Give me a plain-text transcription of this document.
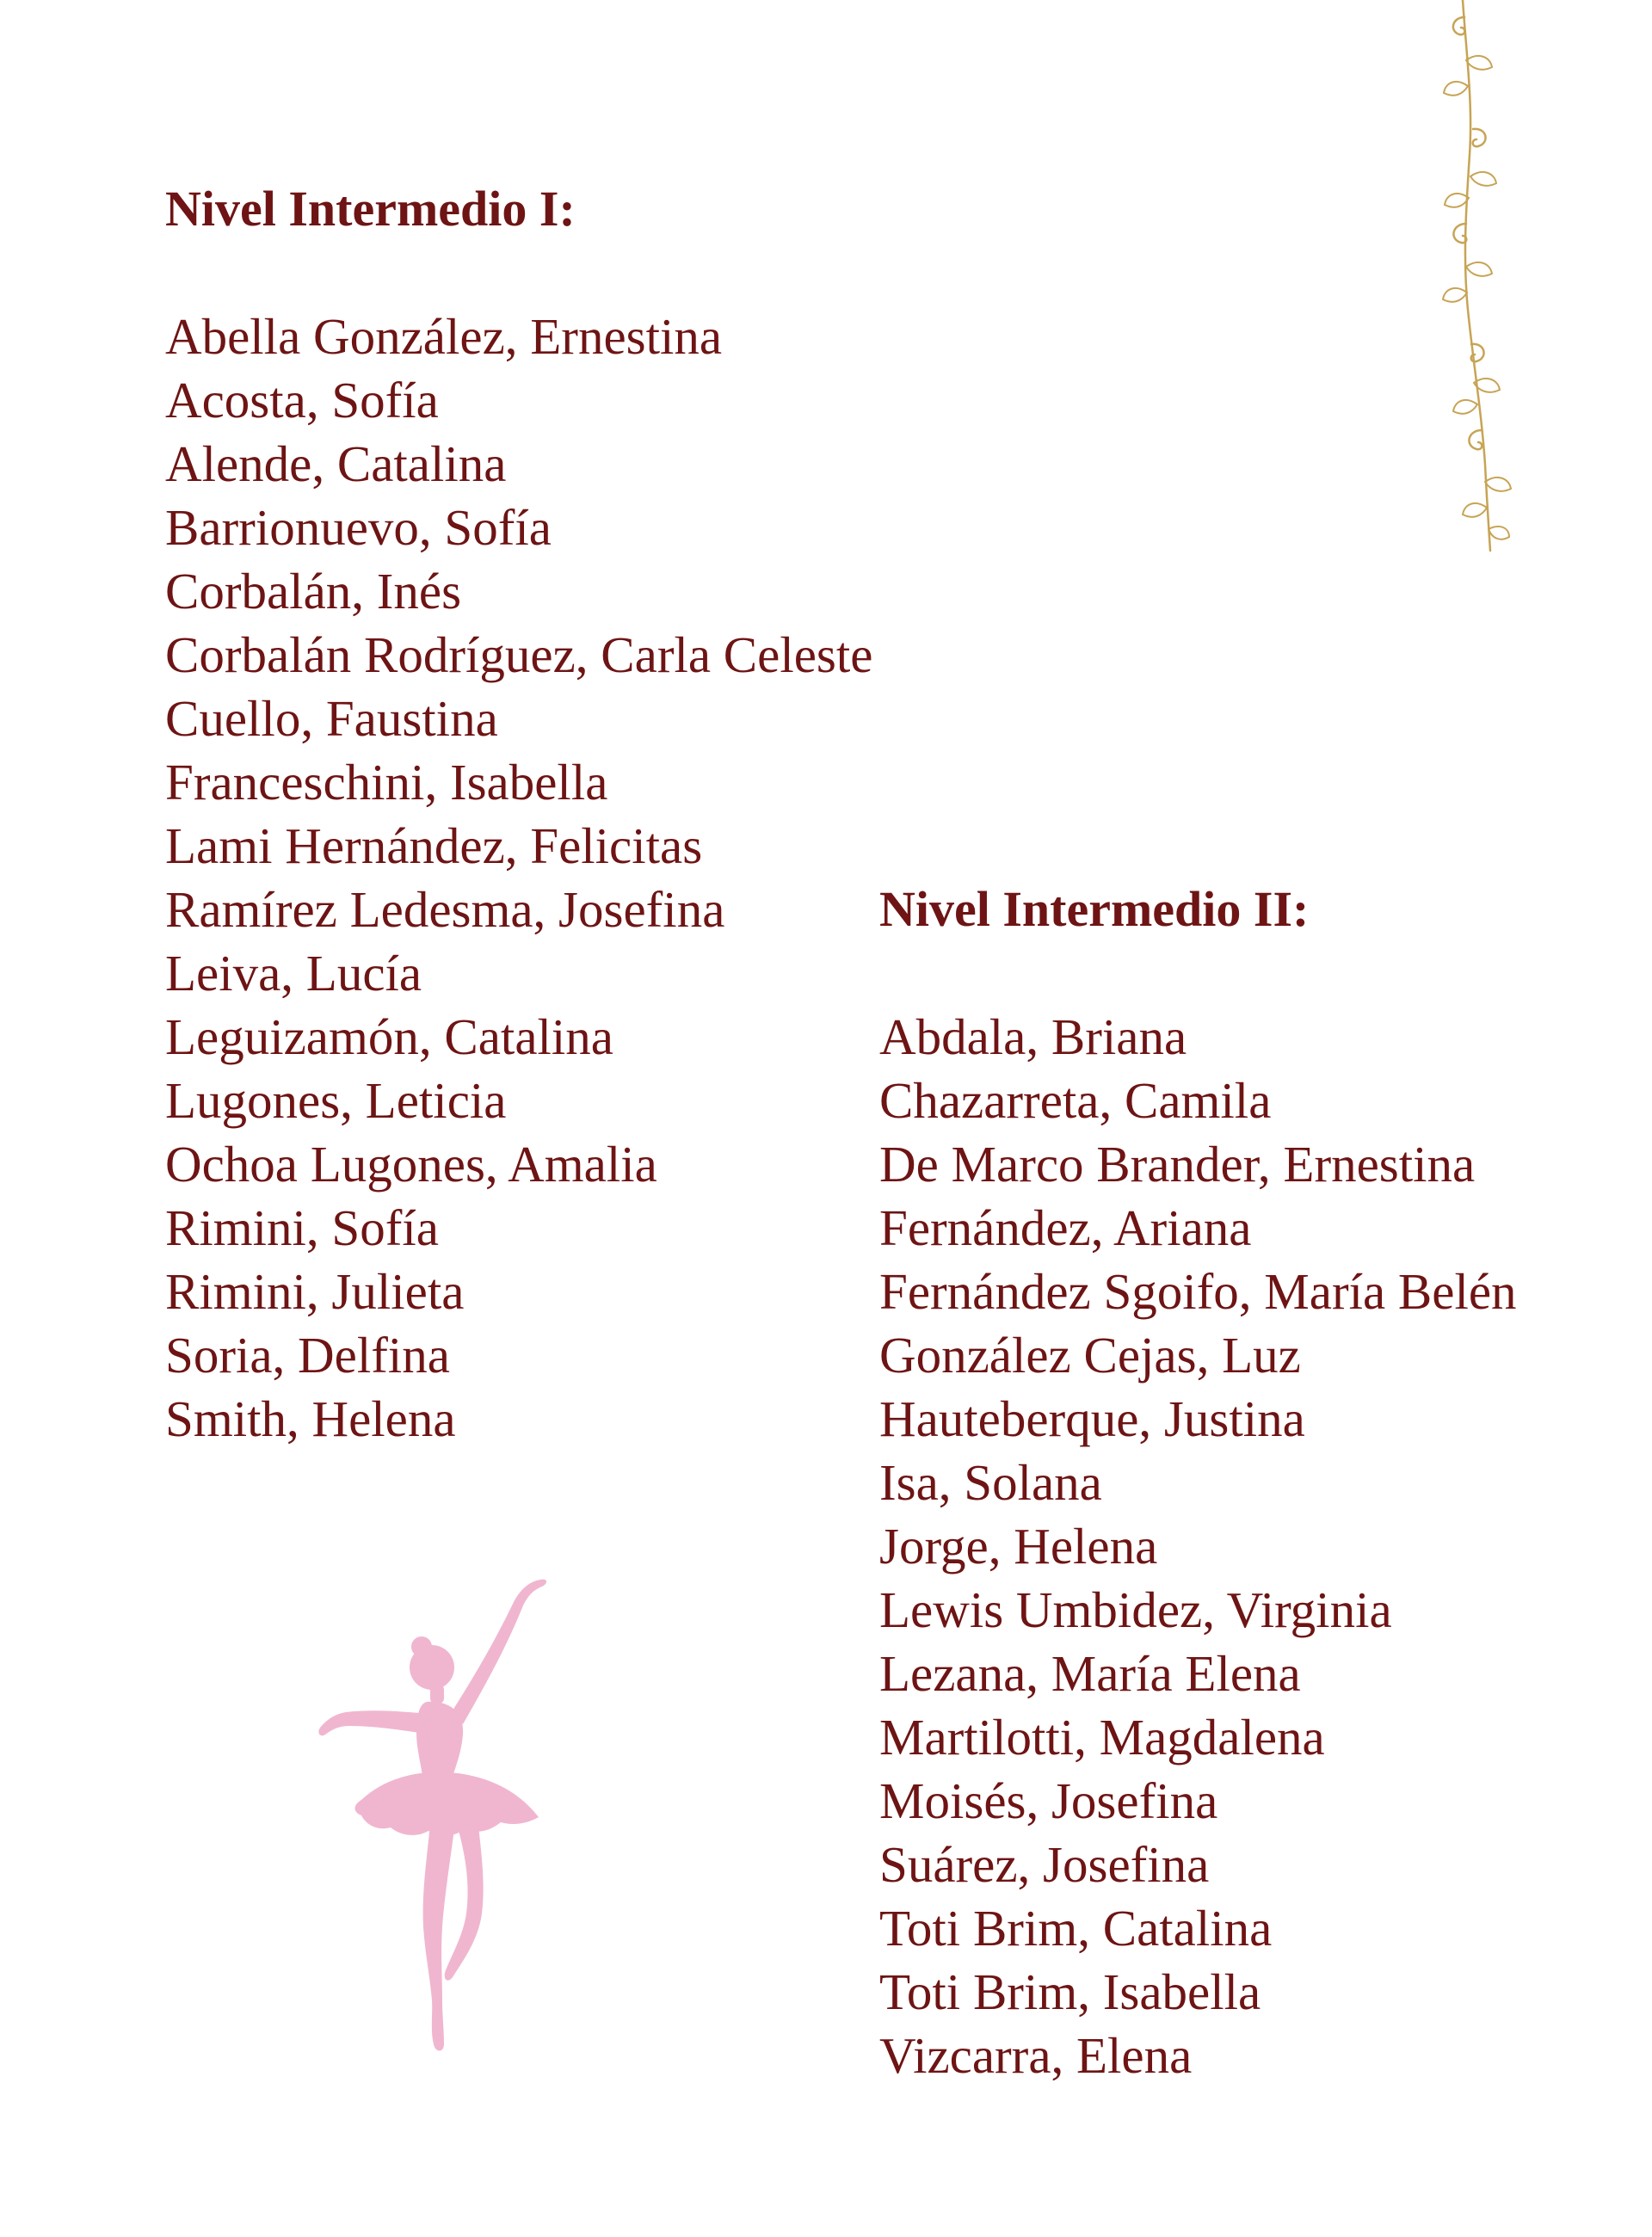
Nivel Intermedio I:
Abella González, Ernestina
Acosta, Sofía
Alende, Catalina
Barrionuevo, Sofía
Corbalán, Inés
Corbalán Rodríguez, Carla Celeste
Cuello, Faustina
Franceschini, Isabella
Lami Hernández, Felicitas
Ramírez Ledesma, Josefina
Leiva, Lucía
Leguizamón, Catalina
Lugones, Leticia
Ochoa Lugones, Amalia
Rimini, Sofía
Rimini, Julieta
Soria, Delfina
Smith, Helena
Nivel Intermedio II:
Abdala, Briana
Chazarreta, Camila
De Marco Brander, Ernestina
Fernández, Ariana
Fernández Sgoifo, María Belén
González Cejas, Luz
Hauteberque, Justina
Isa, Solana
Jorge, Helena
Lewis Umbidez, Virginia
Lezana, María Elena
Martilotti, Magdalena
Moisés, Josefina
Suárez, Josefina
Toti Brim, Catalina
Toti Brim, Isabella
Vizcarra, Elena
